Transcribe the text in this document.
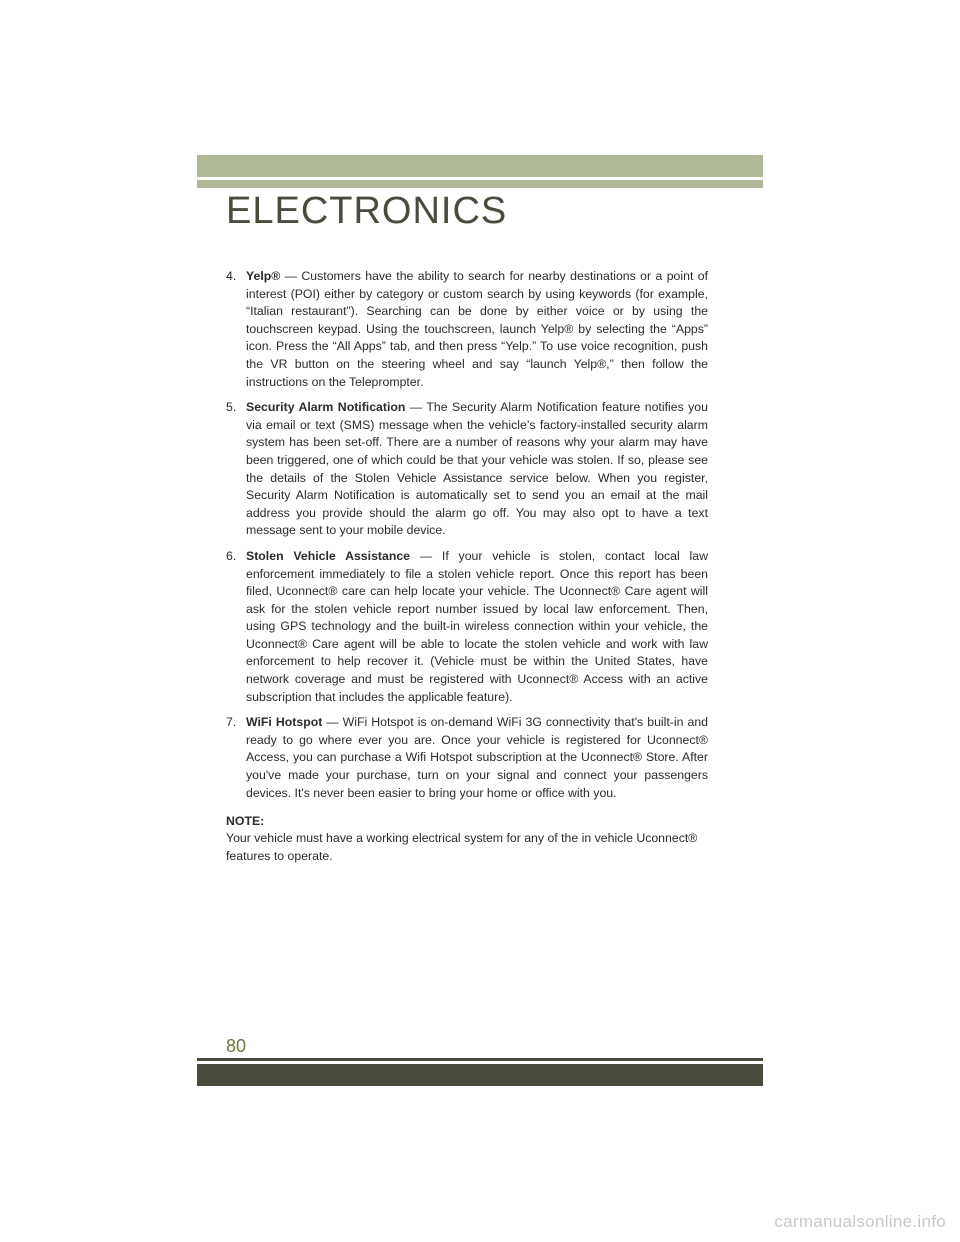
ELECTRONICS

4. Yelp® — Customers have the ability to search for nearby destinations or a point of interest (POI) either by category or custom search by using keywords (for example, “Italian restaurant”). Searching can be done by either voice or by using the touchscreen keypad. Using the touchscreen, launch Yelp® by selecting the “Apps” icon. Press the “All Apps” tab, and then press “Yelp.” To use voice recognition, push the VR button on the steering wheel and say “launch Yelp®,” then follow the instructions on the Teleprompter.

5. Security Alarm Notification — The Security Alarm Notification feature notifies you via email or text (SMS) message when the vehicle’s factory-installed security alarm system has been set-off. There are a number of reasons why your alarm may have been triggered, one of which could be that your vehicle was stolen. If so, please see the details of the Stolen Vehicle Assistance service below. When you register, Security Alarm Notification is automatically set to send you an email at the mail address you provide should the alarm go off. You may also opt to have a text message sent to your mobile device.

6. Stolen Vehicle Assistance — If your vehicle is stolen, contact local law enforcement immediately to file a stolen vehicle report. Once this report has been filed, Uconnect® care can help locate your vehicle. The Uconnect® Care agent will ask for the stolen vehicle report number issued by local law enforcement. Then, using GPS technology and the built-in wireless connection within your vehicle, the Uconnect® Care agent will be able to locate the stolen vehicle and work with law enforcement to help recover it. (Vehicle must be within the United States, have network coverage and must be registered with Uconnect® Access with an active subscription that includes the applicable feature).

7. WiFi Hotspot — WiFi Hotspot is on-demand WiFi 3G connectivity that's built-in and ready to go where ever you are. Once your vehicle is registered for Uconnect® Access, you can purchase a Wifi Hotspot subscription at the Uconnect® Store. After you've made your purchase, turn on your signal and connect your passengers devices. It's never been easier to bring your home or office with you.

NOTE:

Your vehicle must have a working electrical system for any of the in vehicle Uconnect® features to operate.

80
carmanualsonline.info
